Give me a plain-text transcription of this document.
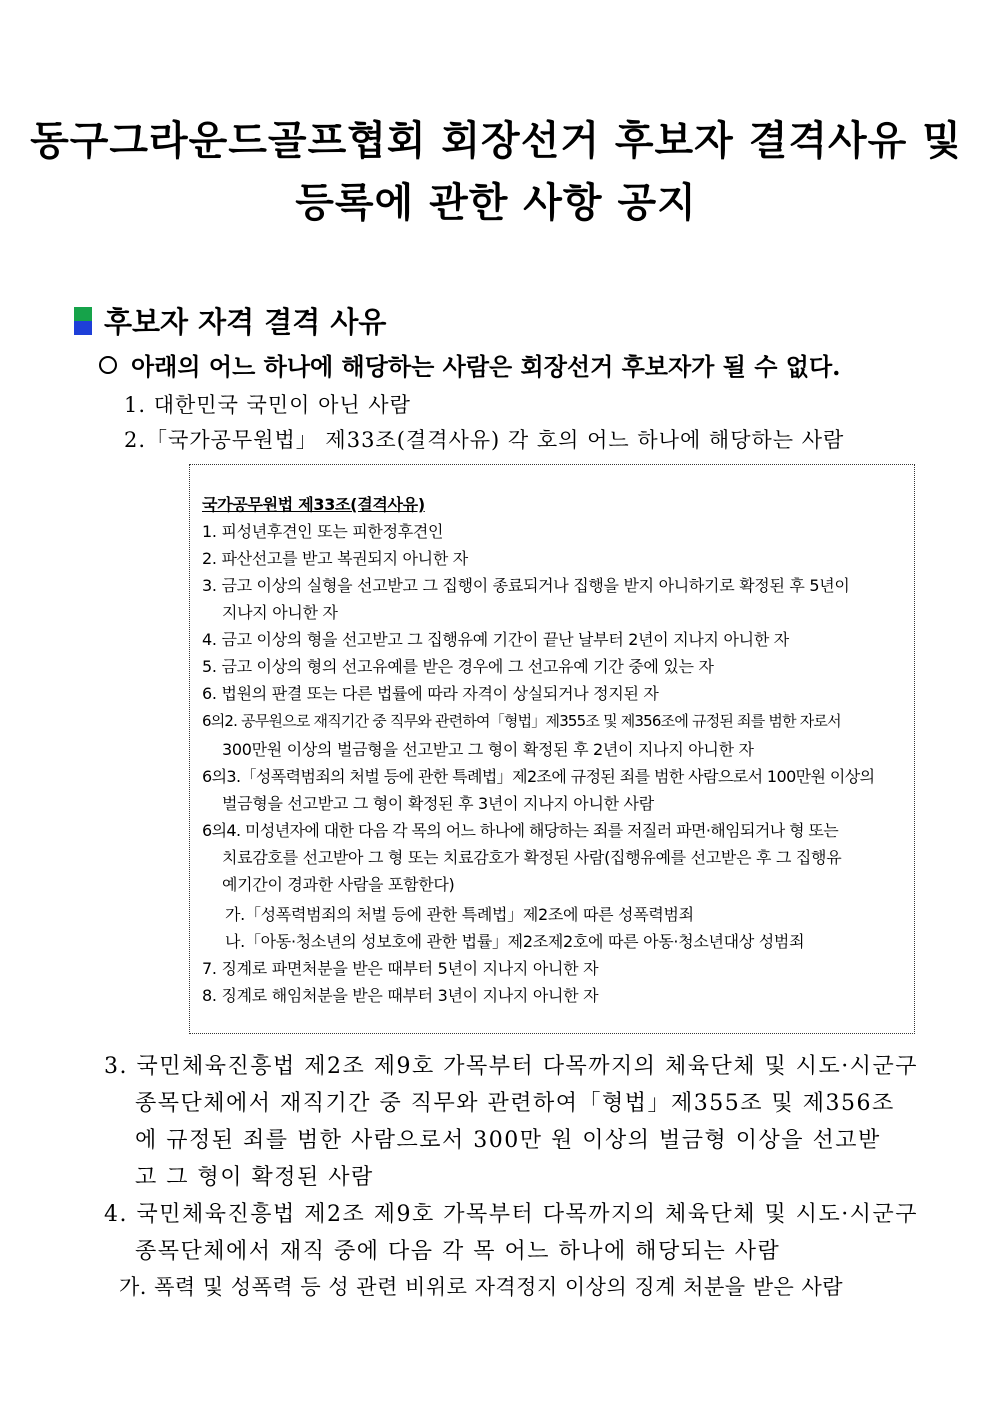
동구그라운드골프협회 회장선거 후보자 결격사유 및
등록에 관한 사항 공지
후보자 자격 결격 사유
아래의 어느 하나에 해당하는 사람은 회장선거 후보자가 될 수 없다.
1. 대한민국 국민이 아닌 사람
2.「국가공무원법」 제33조(결격사유) 각 호의 어느 하나에 해당하는 사람
국가공무원법 제33조(결격사유)
1. 피성년후견인 또는 피한정후견인
2. 파산선고를 받고 복권되지 아니한 자
3. 금고 이상의 실형을 선고받고 그 집행이 종료되거나 집행을 받지 아니하기로 확정된 후 5년이
지나지 아니한 자
4. 금고 이상의 형을 선고받고 그 집행유예 기간이 끝난 날부터 2년이 지나지 아니한 자
5. 금고 이상의 형의 선고유예를 받은 경우에 그 선고유예 기간 중에 있는 자
6. 법원의 판결 또는 다른 법률에 따라 자격이 상실되거나 정지된 자
6의2. 공무원으로 재직기간 중 직무와 관련하여「형법」제355조 및 제356조에 규정된 죄를 범한 자로서
300만원 이상의 벌금형을 선고받고 그 형이 확정된 후 2년이 지나지 아니한 자
6의3.「성폭력범죄의 처벌 등에 관한 특례법」제2조에 규정된 죄를 범한 사람으로서 100만원 이상의
벌금형을 선고받고 그 형이 확정된 후 3년이 지나지 아니한 사람
6의4. 미성년자에 대한 다음 각 목의 어느 하나에 해당하는 죄를 저질러 파면·해임되거나 형 또는
치료감호를 선고받아 그 형 또는 치료감호가 확정된 사람(집행유예를 선고받은 후 그 집행유
예기간이 경과한 사람을 포함한다)
가.「성폭력범죄의 처벌 등에 관한 특례법」제2조에 따른 성폭력범죄
나.「아동·청소년의 성보호에 관한 법률」제2조제2호에 따른 아동·청소년대상 성범죄
7. 징계로 파면처분을 받은 때부터 5년이 지나지 아니한 자
8. 징계로 해임처분을 받은 때부터 3년이 지나지 아니한 자
3. 국민체육진흥법 제2조 제9호 가목부터 다목까지의 체육단체 및 시도·시군구
종목단체에서 재직기간 중 직무와 관련하여「형법」제355조 및 제356조
에 규정된 죄를 범한 사람으로서 300만 원 이상의 벌금형 이상을 선고받
고 그 형이 확정된 사람
4. 국민체육진흥법 제2조 제9호 가목부터 다목까지의 체육단체 및 시도·시군구
종목단체에서 재직 중에 다음 각 목 어느 하나에 해당되는 사람
가. 폭력 및 성폭력 등 성 관련 비위로 자격정지 이상의 징계 처분을 받은 사람
